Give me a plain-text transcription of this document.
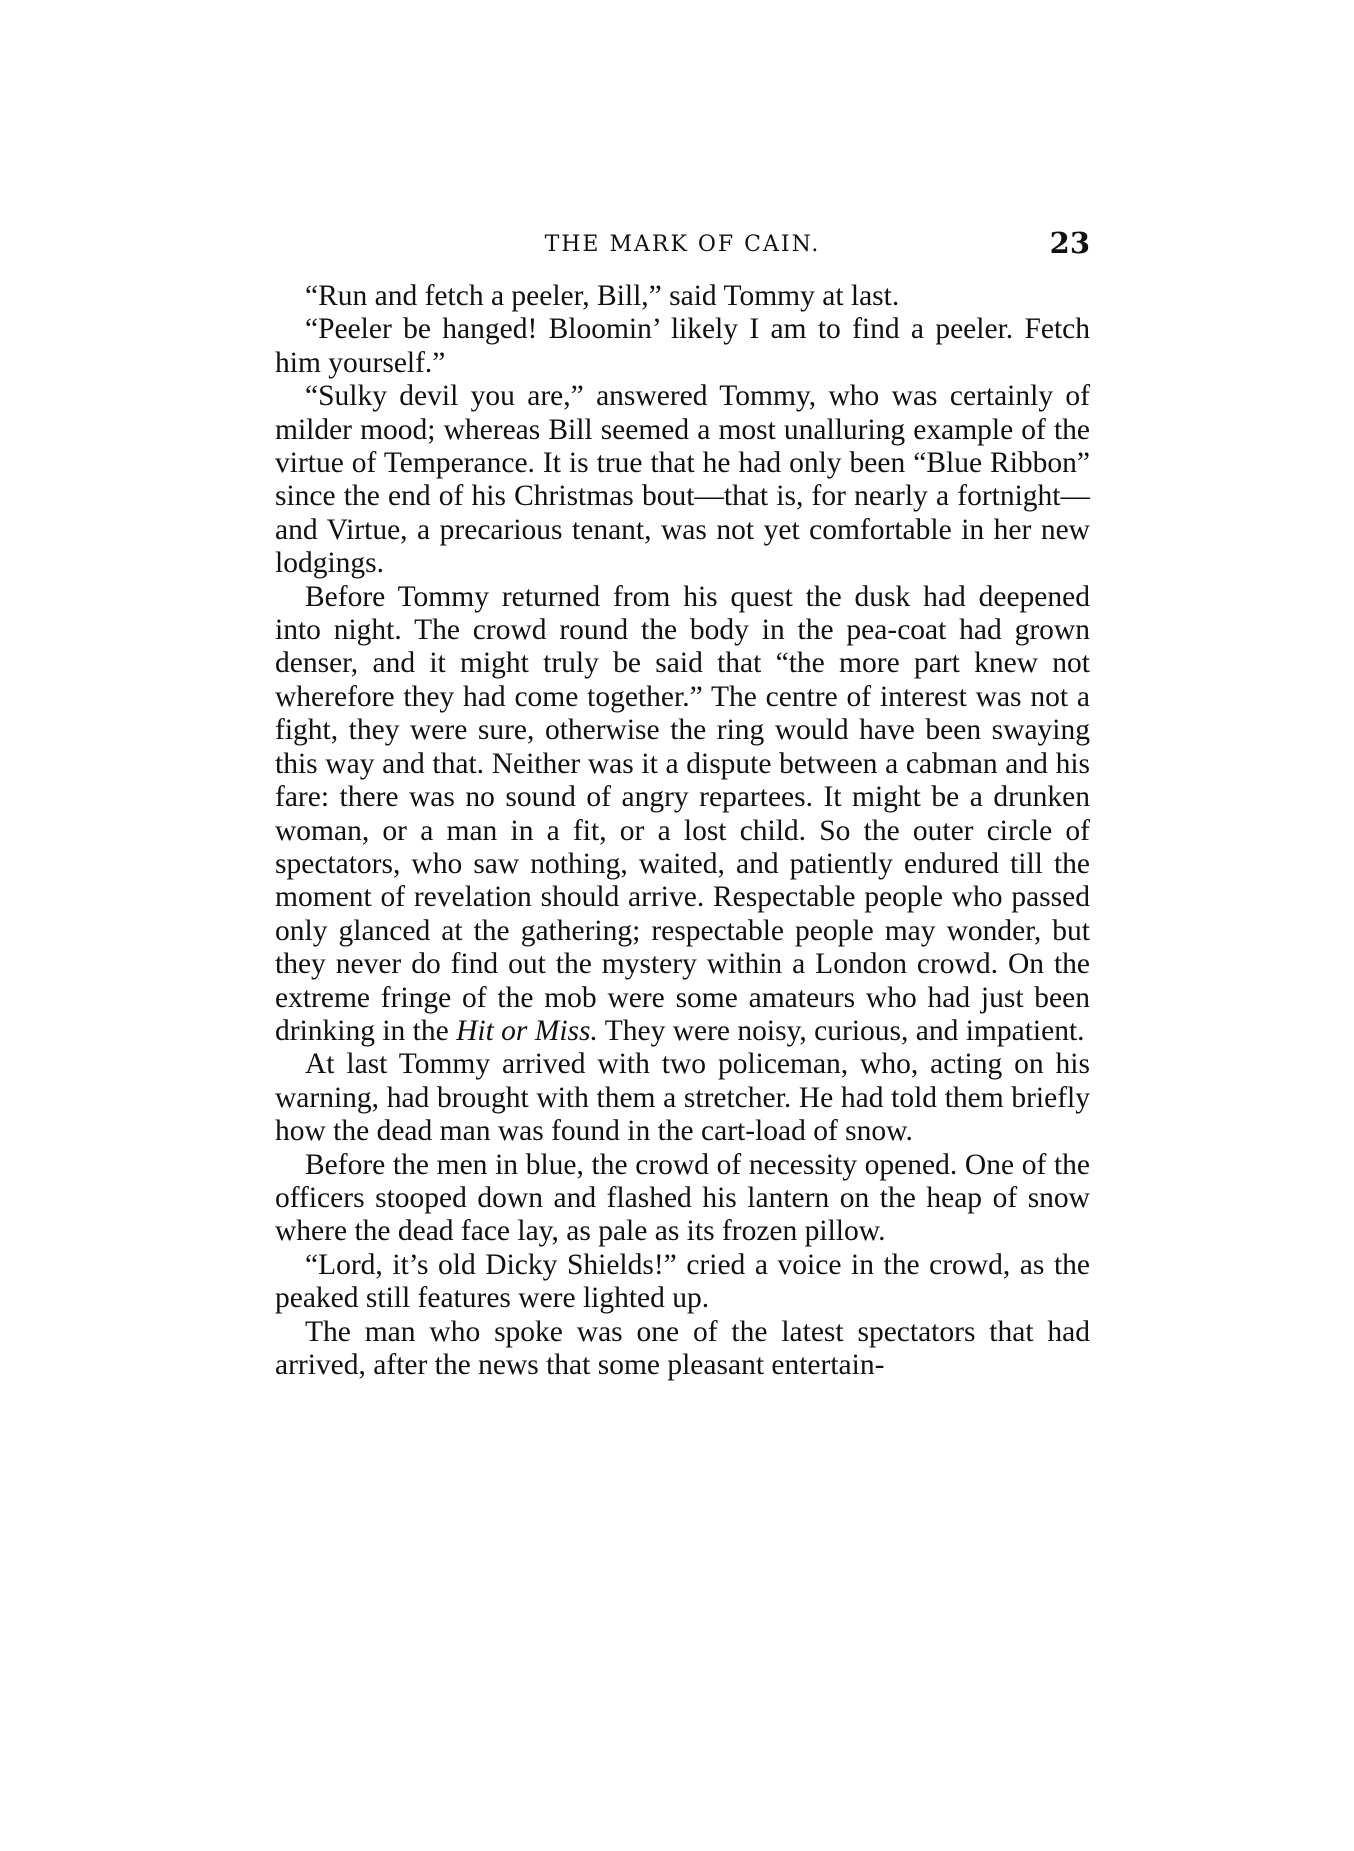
THE MARK OF CAIN.	23

“Run and fetch a peeler, Bill,” said Tommy at last.

“Peeler be hanged! Bloomin’ likely I am to find a peeler. Fetch him yourself.”

“Sulky devil you are,” answered Tommy, who was certainly of milder mood; whereas Bill seemed a most unalluring example of the virtue of Temperance. It is true that he had only been “Blue Ribbon” since the end of his Christmas bout—that is, for nearly a fortnight—and Virtue, a precarious tenant, was not yet comfortable in her new lodgings.

Before Tommy returned from his quest the dusk had deepened into night. The crowd round the body in the pea-coat had grown denser, and it might truly be said that “the more part knew not wherefore they had come together.” The centre of interest was not a fight, they were sure, otherwise the ring would have been swaying this way and that. Neither was it a dispute between a cabman and his fare: there was no sound of angry repartees. It might be a drunken woman, or a man in a fit, or a lost child. So the outer circle of spectators, who saw nothing, waited, and patiently endured till the moment of revelation should arrive. Respectable people who passed only glanced at the gathering; respectable people may wonder, but they never do find out the mystery within a London crowd. On the extreme fringe of the mob were some amateurs who had just been drinking in the Hit or Miss. They were noisy, curious, and impatient.

At last Tommy arrived with two policeman, who, acting on his warning, had brought with them a stretcher. He had told them briefly how the dead man was found in the cart-load of snow.

Before the men in blue, the crowd of necessity opened. One of the officers stooped down and flashed his lantern on the heap of snow where the dead face lay, as pale as its frozen pillow.

“Lord, it’s old Dicky Shields!” cried a voice in the crowd, as the peaked still features were lighted up.

The man who spoke was one of the latest spectators that had arrived, after the news that some pleasant entertain-
